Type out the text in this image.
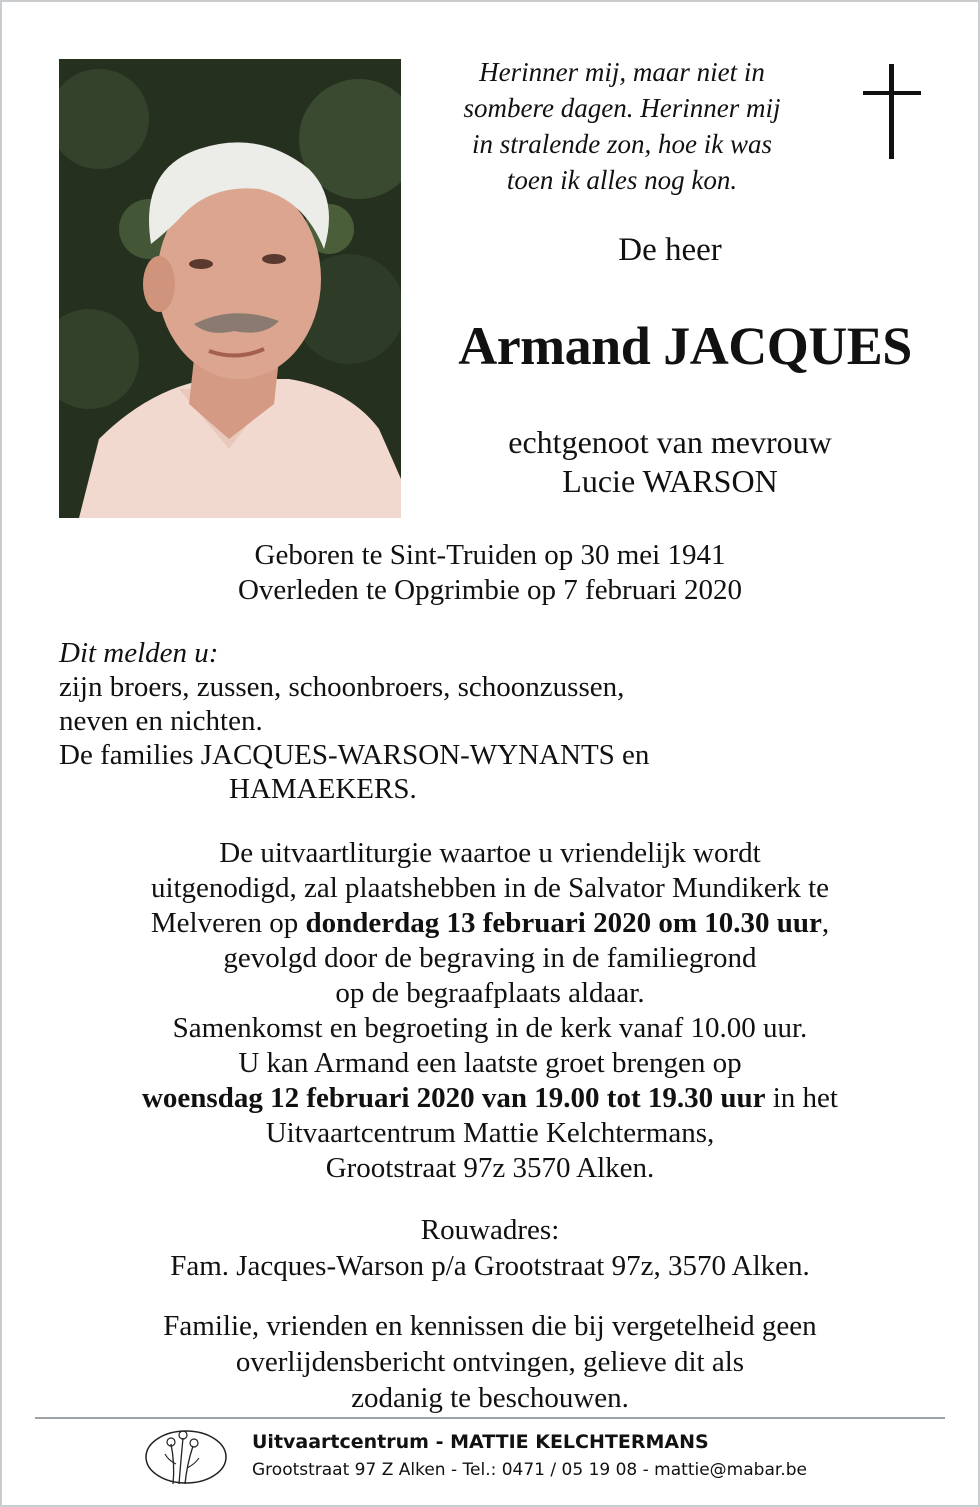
Herinner mij, maar niet in
sombere dagen. Herinner mij
in stralende zon, hoe ik was
toen ik alles nog kon.
De heer
Armand JACQUES
echtgenoot van mevrouw
Lucie WARSON
Geboren te Sint-Truiden op 30 mei 1941
Overleden te Opgrimbie op 7 februari 2020
Dit melden u:
zijn broers, zussen, schoonbroers, schoonzussen,
neven en nichten.
De families JACQUES-WARSON-WYNANTS en
HAMAEKERS.
De uitvaartliturgie waartoe u vriendelijk wordt
uitgenodigd, zal plaatshebben in de Salvator Mundikerk te
Melveren op donderdag 13 februari 2020 om 10.30 uur,
gevolgd door de begraving in de familiegrond
op de begraafplaats aldaar.
Samenkomst en begroeting in de kerk vanaf 10.00 uur.
U kan Armand een laatste groet brengen op
woensdag 12 februari 2020 van 19.00 tot 19.30 uur in het
Uitvaartcentrum Mattie Kelchtermans,
Grootstraat 97z 3570 Alken.
Rouwadres:
Fam. Jacques-Warson p/a Grootstraat 97z, 3570 Alken.
Familie, vrienden en kennissen die bij vergetelheid geen
overlijdensbericht ontvingen, gelieve dit als
zodanig te beschouwen.
Uitvaartcentrum - MATTIE KELCHTERMANS
Grootstraat 97 Z Alken - Tel.: 0471 / 05 19 08 - mattie@mabar.be
